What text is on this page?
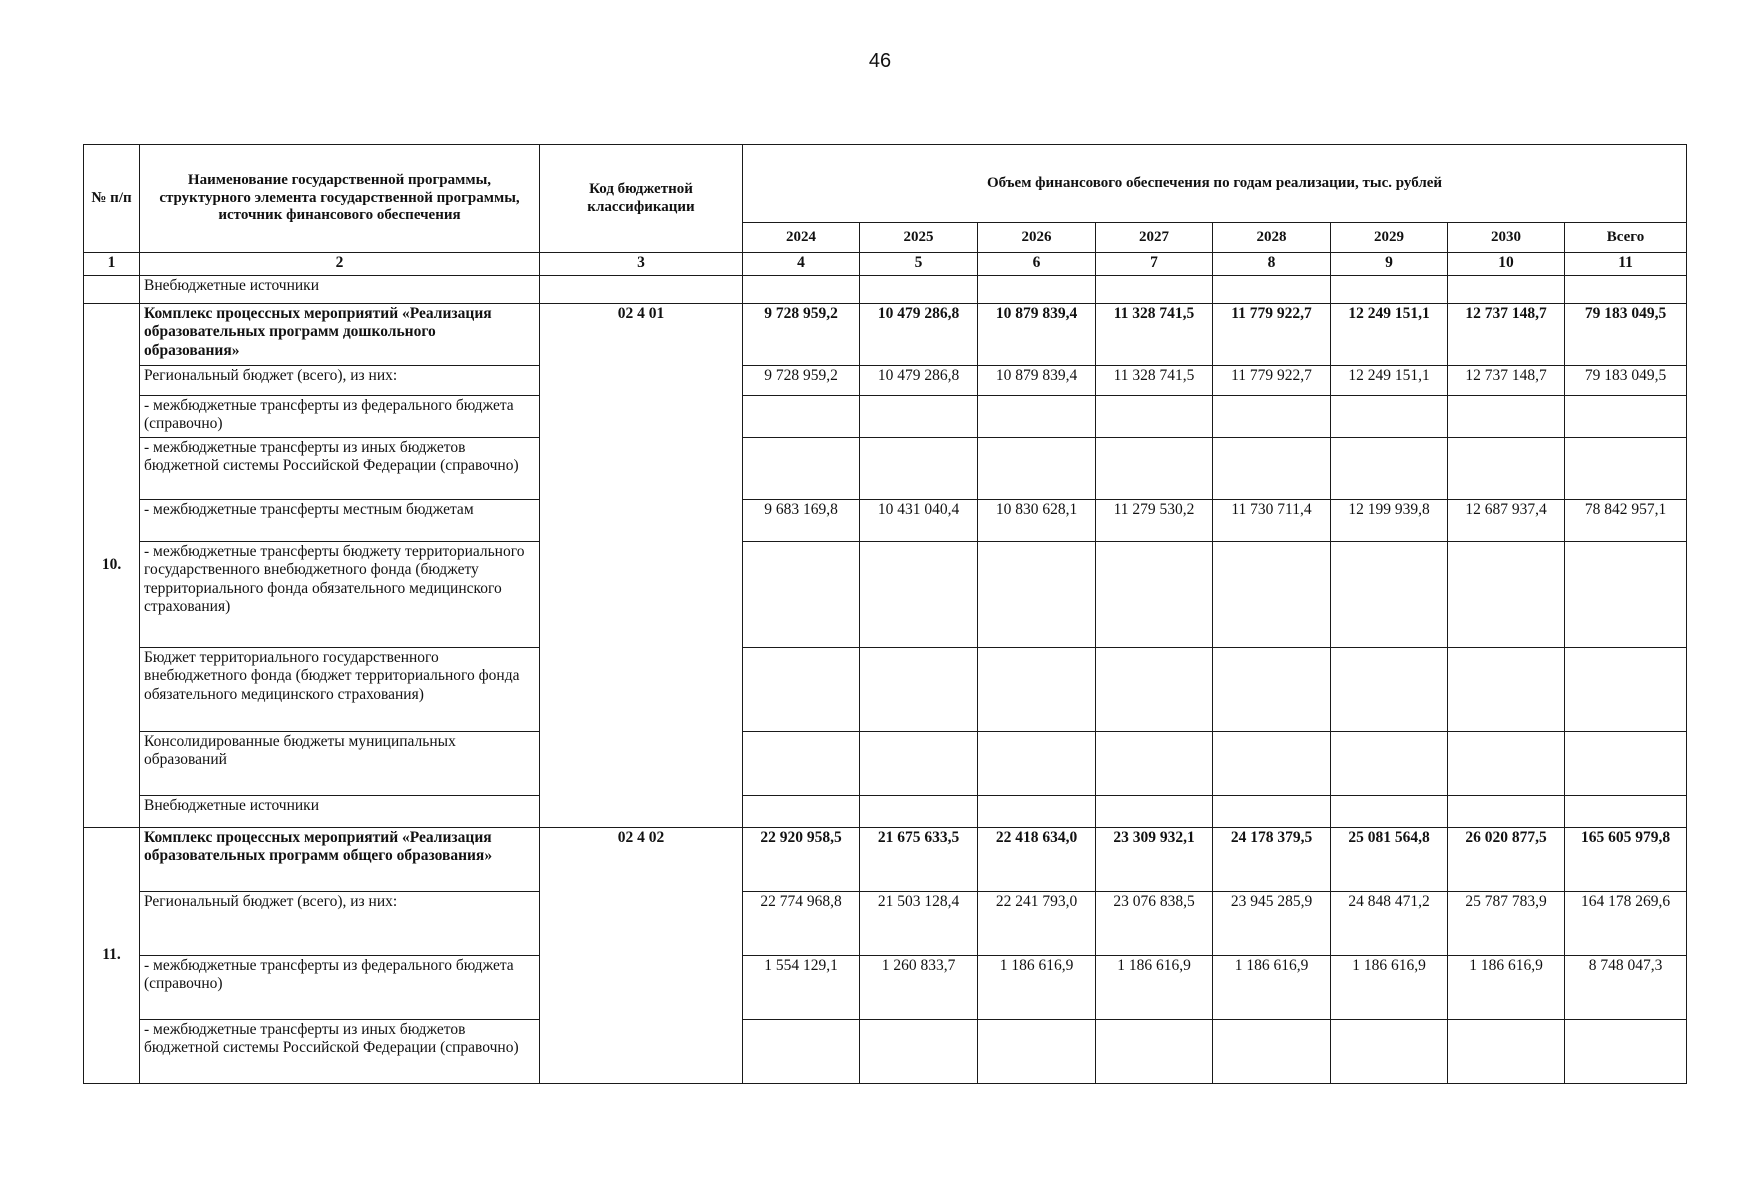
46
№ п/п	Наименование государственной программы, структурного элемента государственной программы, источник финансового обеспечения	Код бюджетной классификации	Объем финансового обеспечения по годам реализации, тыс. рублей							
			2024	2025	2026	2027	2028	2029	2030	Всего
1	2	3	4	5	6	7	8	9	10	11
	Внебюджетные источники									
10.	Комплекс процессных мероприятий «Реализация образовательных программ дошкольного образования»	02 4 01	9 728 959,2	10 479 286,8	10 879 839,4	11 328 741,5	11 779 922,7	12 249 151,1	12 737 148,7	79 183 049,5
	Региональный бюджет (всего), из них:		9 728 959,2	10 479 286,8	10 879 839,4	11 328 741,5	11 779 922,7	12 249 151,1	12 737 148,7	79 183 049,5
	- межбюджетные трансферты из федерального бюджета (справочно)									
	- межбюджетные трансферты из иных бюджетов бюджетной системы Российской Федерации (справочно)									
	- межбюджетные трансферты местным бюджетам		9 683 169,8	10 431 040,4	10 830 628,1	11 279 530,2	11 730 711,4	12 199 939,8	12 687 937,4	78 842 957,1
	- межбюджетные трансферты бюджету территориального государственного внебюджетного фонда (бюджету территориального фонда обязательного медицинского страхования)									
	Бюджет территориального государственного внебюджетного фонда (бюджет территориального фонда обязательного медицинского страхования)									
	Консолидированные бюджеты муниципальных образований									
	Внебюджетные источники									
11.	Комплекс процессных мероприятий «Реализация образовательных программ общего образования»	02 4 02	22 920 958,5	21 675 633,5	22 418 634,0	23 309 932,1	24 178 379,5	25 081 564,8	26 020 877,5	165 605 979,8
	Региональный бюджет (всего), из них:		22 774 968,8	21 503 128,4	22 241 793,0	23 076 838,5	23 945 285,9	24 848 471,2	25 787 783,9	164 178 269,6
	- межбюджетные трансферты из федерального бюджета (справочно)		1 554 129,1	1 260 833,7	1 186 616,9	1 186 616,9	1 186 616,9	1 186 616,9	1 186 616,9	8 748 047,3
	- межбюджетные трансферты из иных бюджетов бюджетной системы Российской Федерации (справочно)									
